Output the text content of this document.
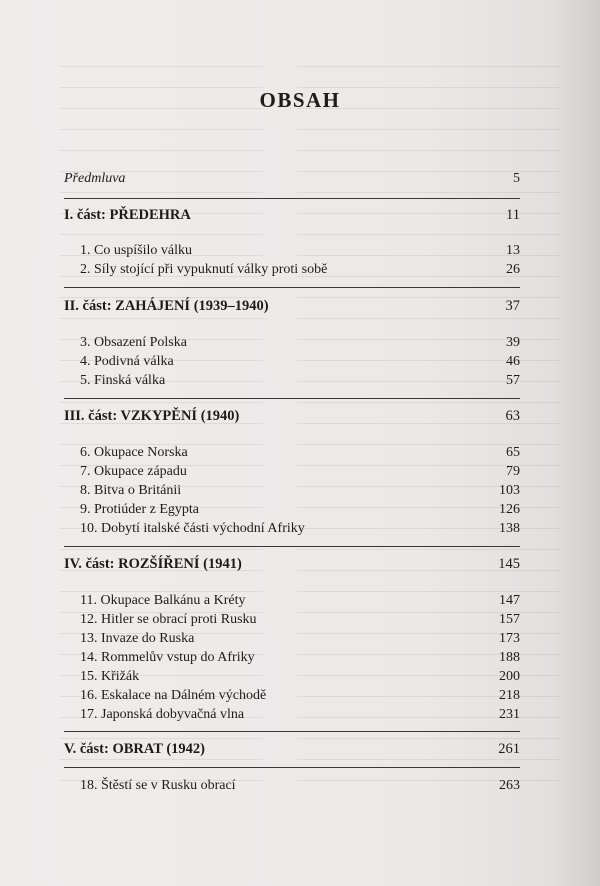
OBSAH
Předmluva	5
I. část: PŘEDEHRA	11
1. Co uspíšilo válku	13
2. Síly stojící při vypuknutí války proti sobě	26
II. část: ZAHÁJENÍ (1939–1940)	37
3. Obsazení Polska	39
4. Podivná válka	46
5. Finská válka	57
III. část: VZKYPĚNÍ (1940)	63
6. Okupace Norska	65
7. Okupace západu	79
8. Bitva o Británii	103
9. Protiúder z Egypta	126
10. Dobytí italské části východní Afriky	138
IV. část: ROZŠÍŘENÍ (1941)	145
11. Okupace Balkánu a Kréty	147
12. Hitler se obrací proti Rusku	157
13. Invaze do Ruska	173
14. Rommelův vstup do Afriky	188
15. Křižák	200
16. Eskalace na Dálném východě	218
17. Japonská dobyvačná vlna	231
V. část: OBRAT (1942)	261
18. Štěstí se v Rusku obrací	263
